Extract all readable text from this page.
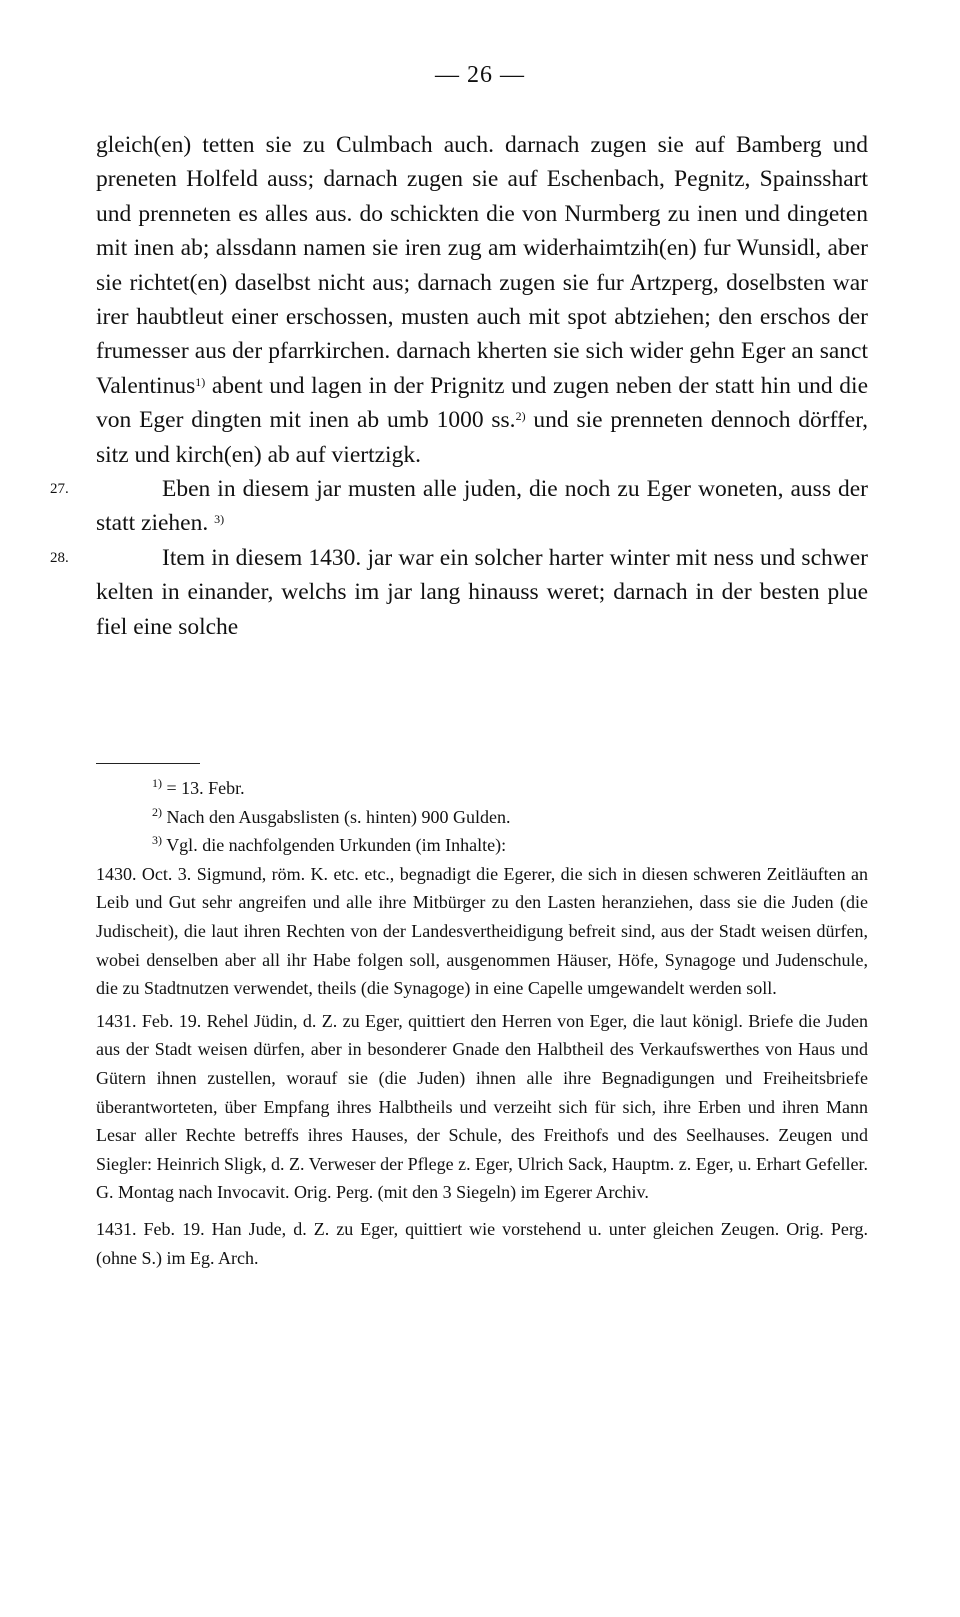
— 26 —

gleich(en) tetten sie zu Culmbach auch. darnach zugen sie auf Bamberg und preneten Holfeld auss; darnach zugen sie auf Eschenbach, Pegnitz, Spainsshart und prenneten es alles aus. do schickten die von Nurmberg zu inen und dingeten mit inen ab; alssdann namen sie iren zug am widerhaimtzih(en) fur Wunsidl, aber sie richtet(en) daselbst nicht aus; darnach zugen sie fur Artzperg, doselbsten war irer haubtleut einer erschossen, musten auch mit spot abtziehen; den erschos der frumesser aus der pfarrkirchen. darnach kherten sie sich wider gehn Eger an sanct Valentinus$^{1)}$ abent und lagen in der Prignitz und zugen neben der statt hin und die von Eger dingten mit inen ab umb 1000 ss.$^{2)}$ und sie prenneten dennoch dörffer, sitz und kirch(en) ab auf viertzigk.

27.	Eben in diesem jar musten alle juden, die noch zu Eger woneten, auss der statt ziehen. $^{3)}$

28.	Item in diesem 1430. jar war ein solcher harter winter mit ness und schwer kelten in einander, welchs im jar lang hinauss weret; darnach in der besten plue fiel eine solche

$^{1)}$ = 13. Febr.

$^{2)}$ Nach den Ausgabslisten (s. hinten) 900 Gulden.

$^{3)}$ Vgl. die nachfolgenden Urkunden (im Inhalte):

1430. Oct. 3. Sigmund, röm. K. etc. etc., begnadigt die Egerer, die sich in diesen schweren Zeitläuften an Leib und Gut sehr angreifen und alle ihre Mitbürger zu den Lasten heranziehen, dass sie die Juden (die Judischeit), die laut ihren Rechten von der Landesvertheidigung befreit sind, aus der Stadt weisen dürfen, wobei denselben aber all ihr Habe folgen soll, ausgenommen Häuser, Höfe, Synagoge und Judenschule, die zu Stadtnutzen verwendet, theils (die Synagoge) in eine Capelle umgewandelt werden soll.

1431. Feb. 19. Rehel Jüdin, d. Z. zu Eger, quittiert den Herren von Eger, die laut königl. Briefe die Juden aus der Stadt weisen dürfen, aber in besonderer Gnade den Halbtheil des Verkaufswerthes von Haus und Gütern ihnen zustellen, worauf sie (die Juden) ihnen alle ihre Begnadigungen und Freiheitsbriefe überantworteten, über Empfang ihres Halbtheils und verzeiht sich für sich, ihre Erben und ihren Mann Lesar aller Rechte betreffs ihres Hauses, der Schule, des Freithofs und des Seelhauses. Zeugen und Siegler: Heinrich Sligk, d. Z. Verweser der Pflege z. Eger, Ulrich Sack, Hauptm. z. Eger, u. Erhart Gefeller. G. Montag nach Invocavit. Orig. Perg. (mit den 3 Siegeln) im Egerer Archiv.

1431. Feb. 19. Han Jude, d. Z. zu Eger, quittiert wie vorstehend u. unter gleichen Zeugen. Orig. Perg. (ohne S.) im Eg. Arch.
